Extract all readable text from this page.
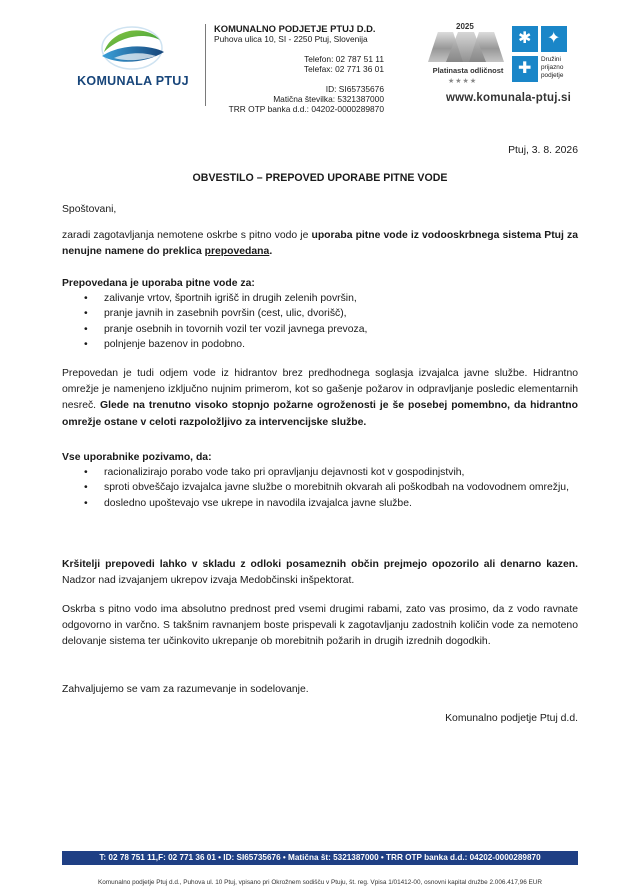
KOMUNALA PTUJ
KOMUNALNO PODJETJE PTUJ D.D.
Puhova ulica 10, SI - 2250 Ptuj, Slovenija
Telefon: 02 787 51 11
Telefax: 02 771 36 01
ID: SI65735676
Matična številka: 5321387000
TRR OTP banka d.d.: 04202-0000289870
2025
Platinasta odličnost
★★★★
✱ ✦
✚
Družini
prijazno
podjetje
www.komunala-ptuj.si
Ptuj, 3. 8. 2026
OBVESTILO – PREPOVED UPORABE PITNE VODE

Spoštovani,

zaradi zagotavljanja nemotene oskrbe s pitno vodo je uporaba pitne vode iz vodooskrbnega sistema Ptuj za nenujne namene do preklica prepovedana.

Prepovedana je uporaba pitne vode za:

• zalivanje vrtov, športnih igrišč in drugih zelenih površin,
• pranje javnih in zasebnih površin (cest, ulic, dvorišč),
• pranje osebnih in tovornih vozil ter vozil javnega prevoza,
• polnjenje bazenov in podobno.

Prepovedan je tudi odjem vode iz hidrantov brez predhodnega soglasja izvajalca javne službe. Hidrantno omrežje je namenjeno izključno nujnim primerom, kot so gašenje požarov in odpravljanje posledic elementarnih nesreč. Glede na trenutno visoko stopnjo požarne ogroženosti je še posebej pomembno, da hidrantno omrežje ostane v celoti razpoložljivo za intervencijske službe.

Vse uporabnike pozivamo, da:

• racionalizirajo porabo vode tako pri opravljanju dejavnosti kot v gospodinjstvih,
• sproti obveščajo izvajalca javne službe o morebitnih okvarah ali poškodbah na vodovodnem omrežju,
• dosledno upoštevajo vse ukrepe in navodila izvajalca javne službe.

Kršitelji prepovedi lahko v skladu z odloki posameznih občin prejmejo opozorilo ali denarno kazen. Nadzor nad izvajanjem ukrepov izvaja Medobčinski inšpektorat.

Oskrba s pitno vodo ima absolutno prednost pred vsemi drugimi rabami, zato vas prosimo, da z vodo ravnate odgovorno in varčno. S takšnim ravnanjem boste prispevali k zagotavljanju zadostnih količin vode za nemoteno delovanje sistema ter učinkovito ukrepanje ob morebitnih požarih in drugih izrednih dogodkih.

Zahvaljujemo se vam za razumevanje in sodelovanje.

Komunalno podjetje Ptuj d.d.
T: 02 78 751 11,F: 02 771 36 01 • ID: SI65735676 • Matična št: 5321387000 • TRR OTP banka d.d.: 04202-0000289870
Komunalno podjetje Ptuj d.d., Puhova ul. 10 Ptuj, vpisano pri Okrožnem sodišču v Ptuju, št. reg. Vpisa 1/01412-00, osnovni kapital družbe 2.006.417,96 EUR
